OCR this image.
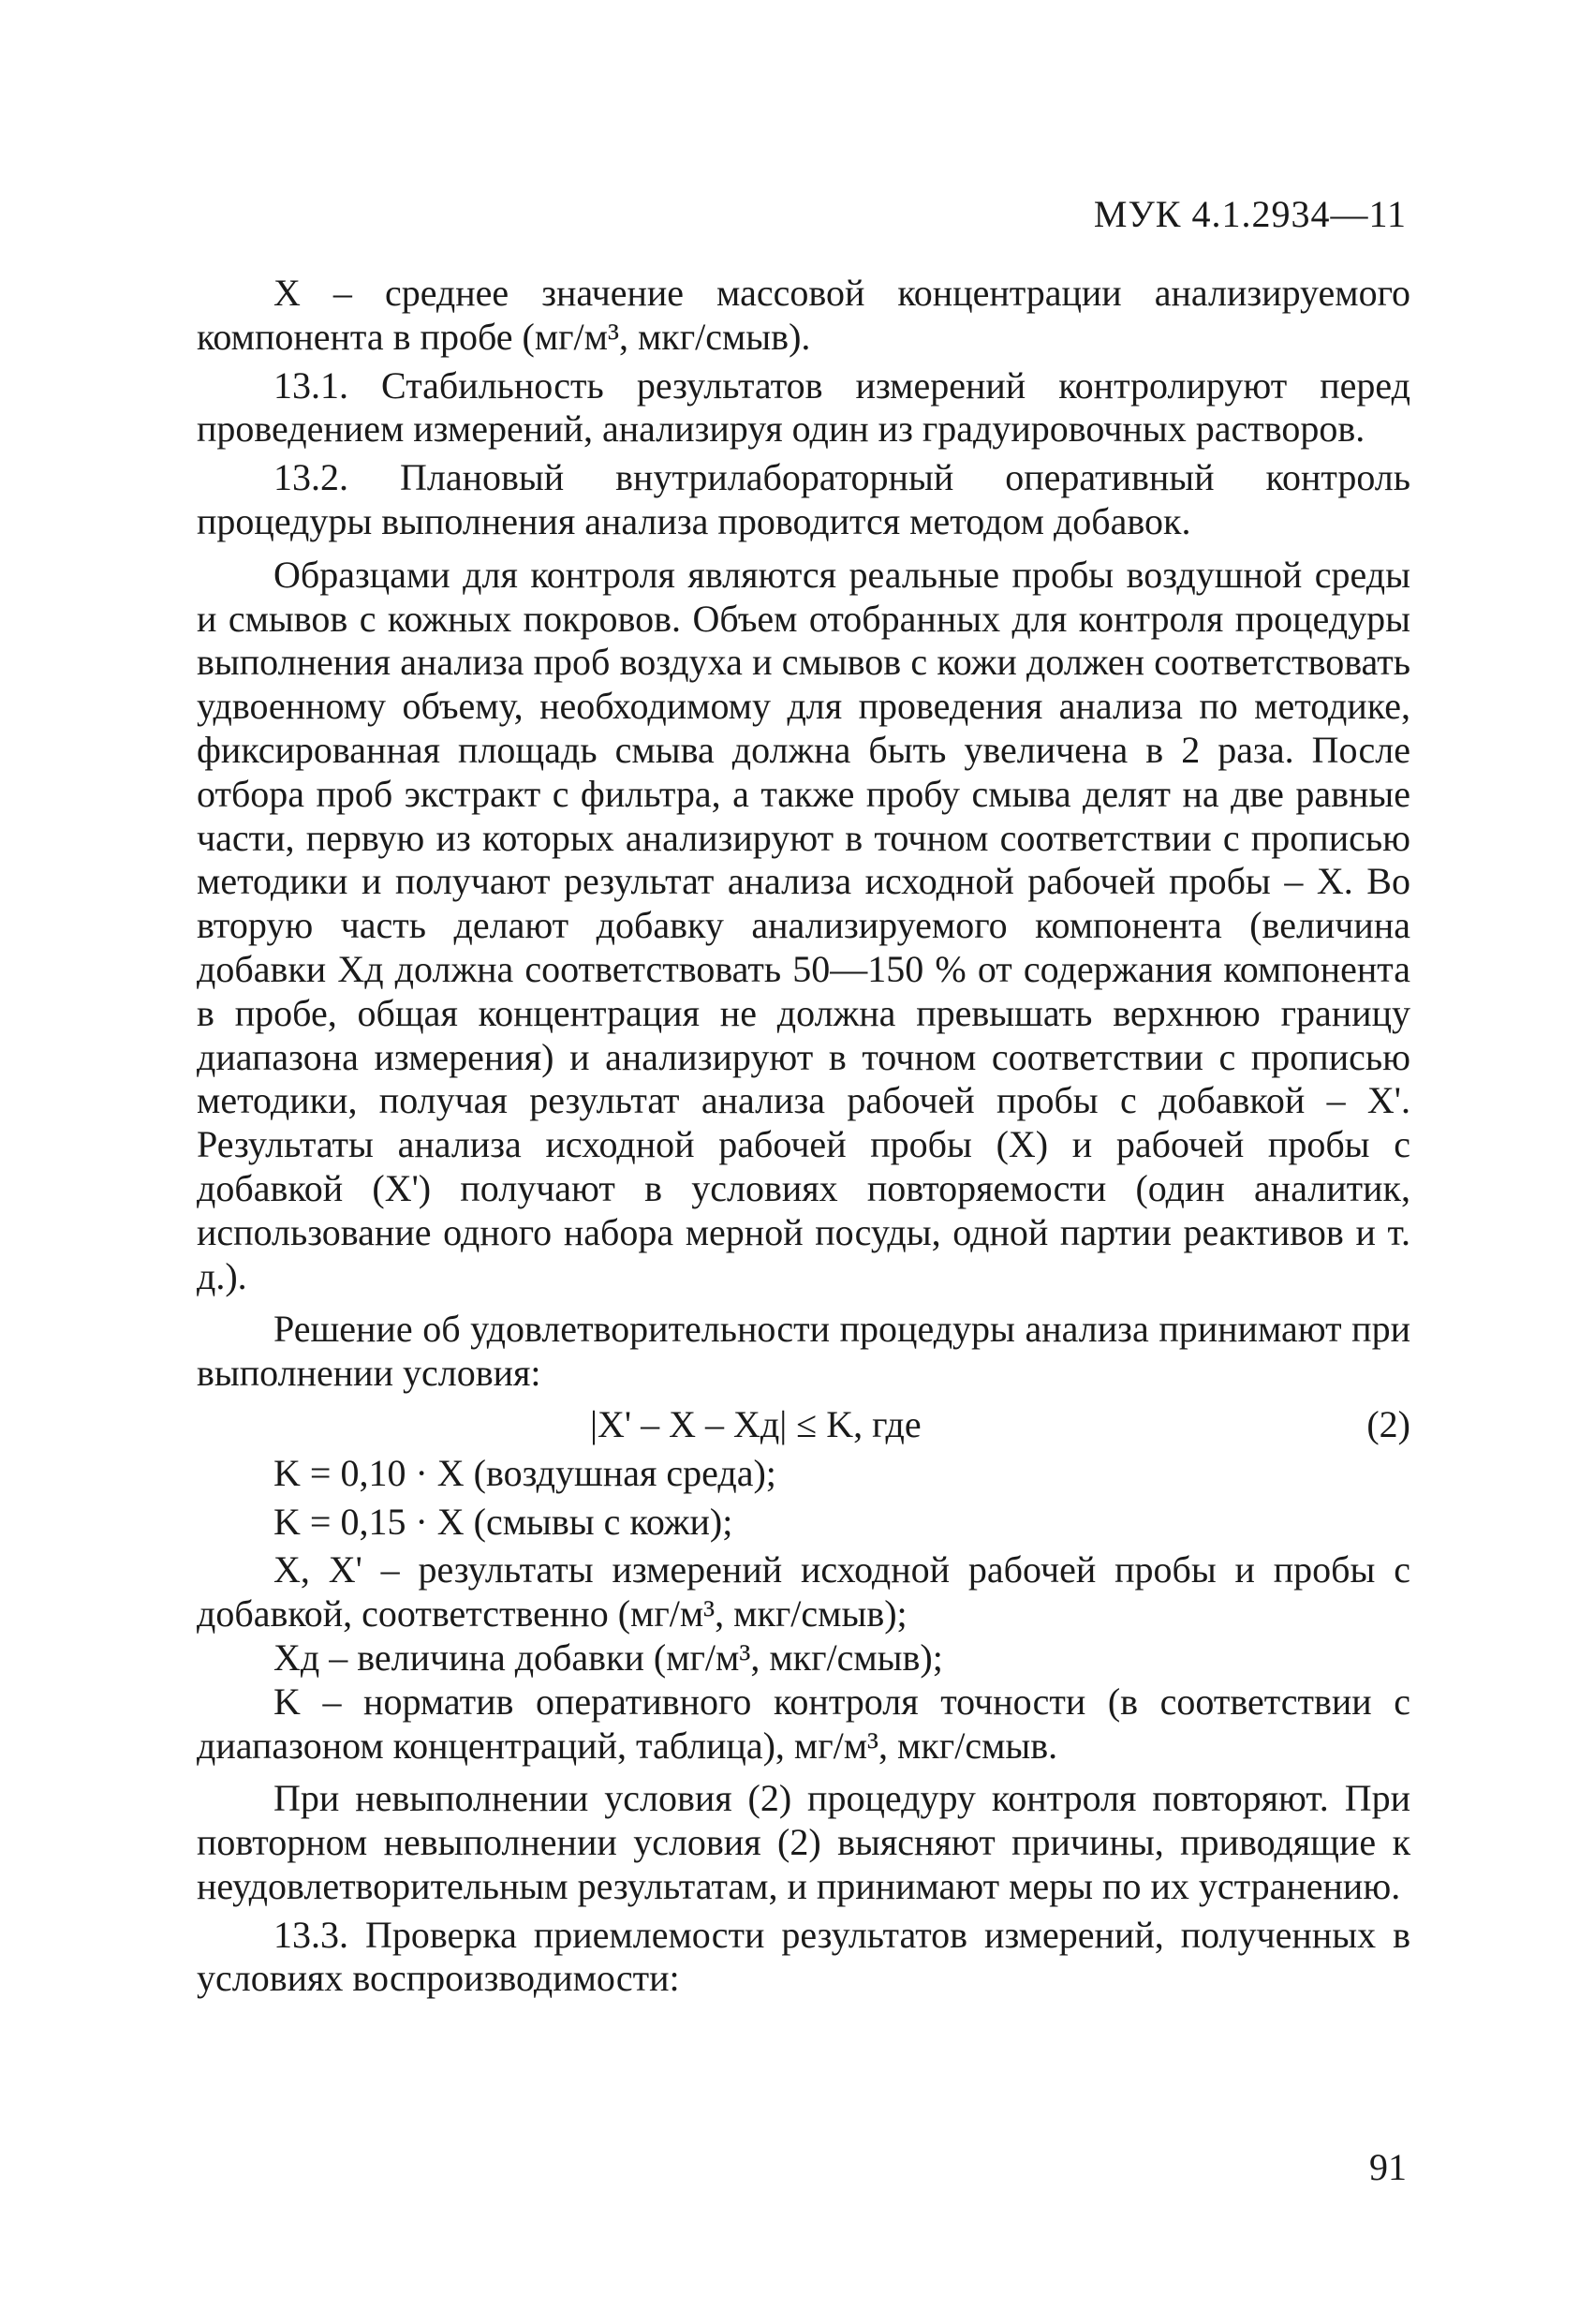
МУК 4.1.2934—11

X – среднее значение массовой концентрации анализируемого компонента в пробе (мг/м³, мкг/смыв).

13.1. Стабильность результатов измерений контролируют перед проведением измерений, анализируя один из градуировочных растворов.

13.2. Плановый внутрилабораторный оперативный контроль процедуры выполнения анализа проводится методом добавок.

Образцами для контроля являются реальные пробы воздушной среды и смывов с кожных покровов. Объем отобранных для контроля процедуры выполнения анализа проб воздуха и смывов с кожи должен соответствовать удвоенному объему, необходимому для проведения анализа по методике, фиксированная площадь смыва должна быть увеличена в 2 раза. После отбора проб экстракт с фильтра, а также пробу смыва делят на две равные части, первую из которых анализируют в точном соответствии с прописью методики и получают результат анализа исходной рабочей пробы – X. Во вторую часть делают добавку анализируемого компонента (величина добавки Xд должна соответствовать 50—150 % от содержания компонента в пробе, общая концентрация не должна превышать верхнюю границу диапазона измерения) и анализируют в точном соответствии с прописью методики, получая результат анализа рабочей пробы с добавкой – X'. Результаты анализа исходной рабочей пробы (X) и рабочей пробы с добавкой (X') получают в условиях повторяемости (один аналитик, использование одного набора мерной посуды, одной партии реактивов и т. д.).

Решение об удовлетворительности процедуры анализа принимают при выполнении условия:

|X' – X – Xд| ≤ K, где	(2)

K = 0,10 · X (воздушная среда);

K = 0,15 · X (смывы с кожи);

X, X' – результаты измерений исходной рабочей пробы и пробы с добавкой, соответственно (мг/м³, мкг/смыв);

Xд – величина добавки (мг/м³, мкг/смыв);

K – норматив оперативного контроля точности (в соответствии с диапазоном концентраций, таблица), мг/м³, мкг/смыв.

При невыполнении условия (2) процедуру контроля повторяют. При повторном невыполнении условия (2) выясняют причины, приводящие к неудовлетворительным результатам, и принимают меры по их устранению.

13.3. Проверка приемлемости результатов измерений, полученных в условиях воспроизводимости:

91
